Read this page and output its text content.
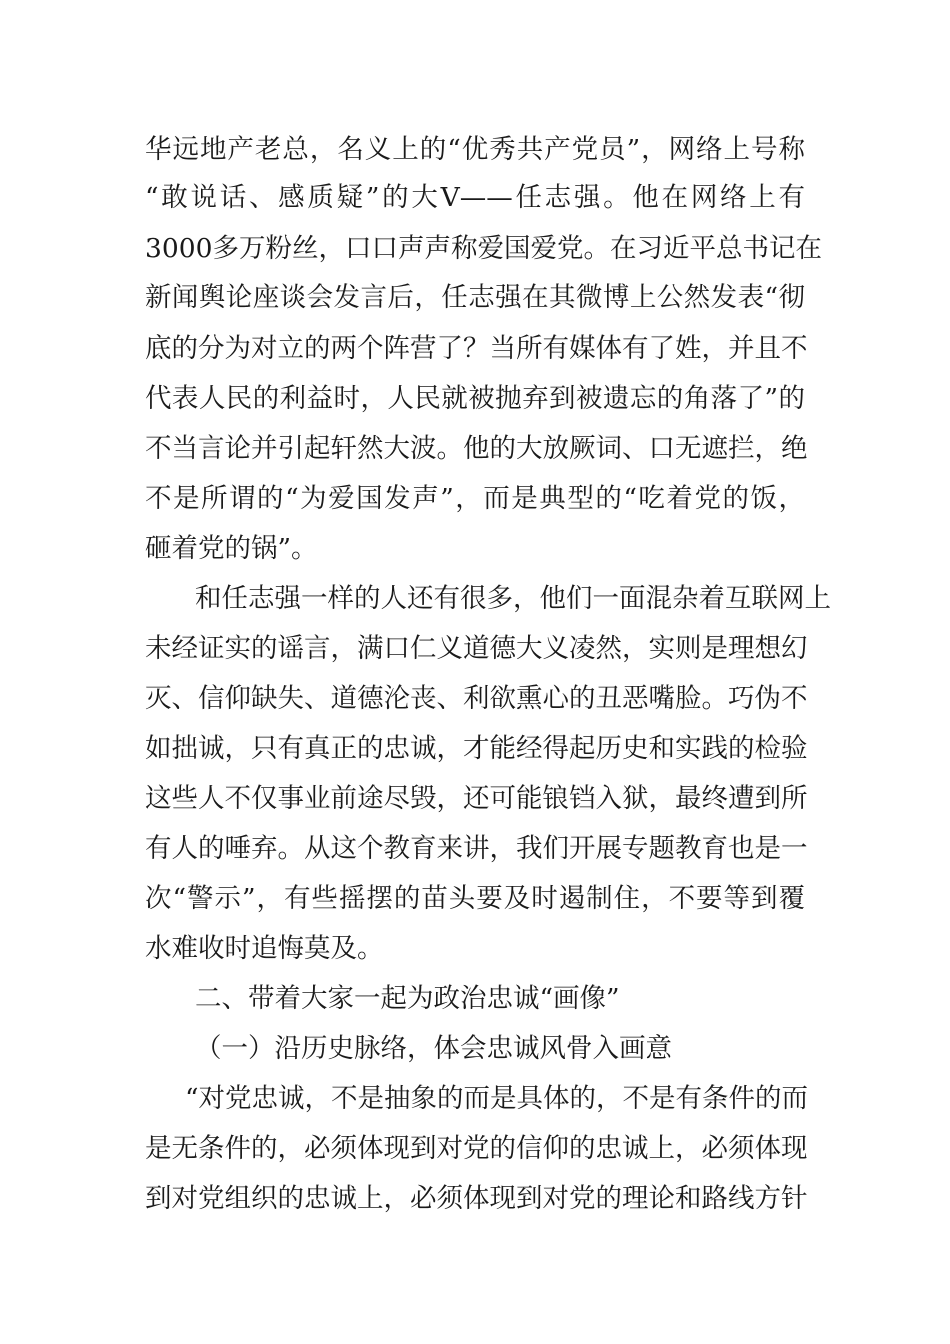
华远地产老总，名义上的“优秀共产党员”，网络上号称
“敢说话、感质疑”的大V——任志强。他在网络上有
3000多万粉丝，口口声声称爱国爱党。在习近平总书记在
新闻舆论座谈会发言后，任志强在其微博上公然发表“彻
底的分为对立的两个阵营了？当所有媒体有了姓，并且不
代表人民的利益时，人民就被抛弃到被遗忘的角落了”的
不当言论并引起轩然大波。他的大放厥词、口无遮拦，绝
不是所谓的“为爱国发声”，而是典型的“吃着党的饭，
砸着党的锅”。
和任志强一样的人还有很多，他们一面混杂着互联网上
未经证实的谣言，满口仁义道德大义凌然，实则是理想幻
灭、信仰缺失、道德沦丧、利欲熏心的丑恶嘴脸。巧伪不
如拙诚，只有真正的忠诚，才能经得起历史和实践的检验
这些人不仅事业前途尽毁，还可能锒铛入狱，最终遭到所
有人的唾弃。从这个教育来讲，我们开展专题教育也是一
次“警示”，有些摇摆的苗头要及时遏制住，不要等到覆
水难收时追悔莫及。
二、带着大家一起为政治忠诚“画像”
（一）沿历史脉络，体会忠诚风骨入画意
“对党忠诚，不是抽象的而是具体的，不是有条件的而
是无条件的，必须体现到对党的信仰的忠诚上，必须体现
到对党组织的忠诚上，必须体现到对党的理论和路线方针
